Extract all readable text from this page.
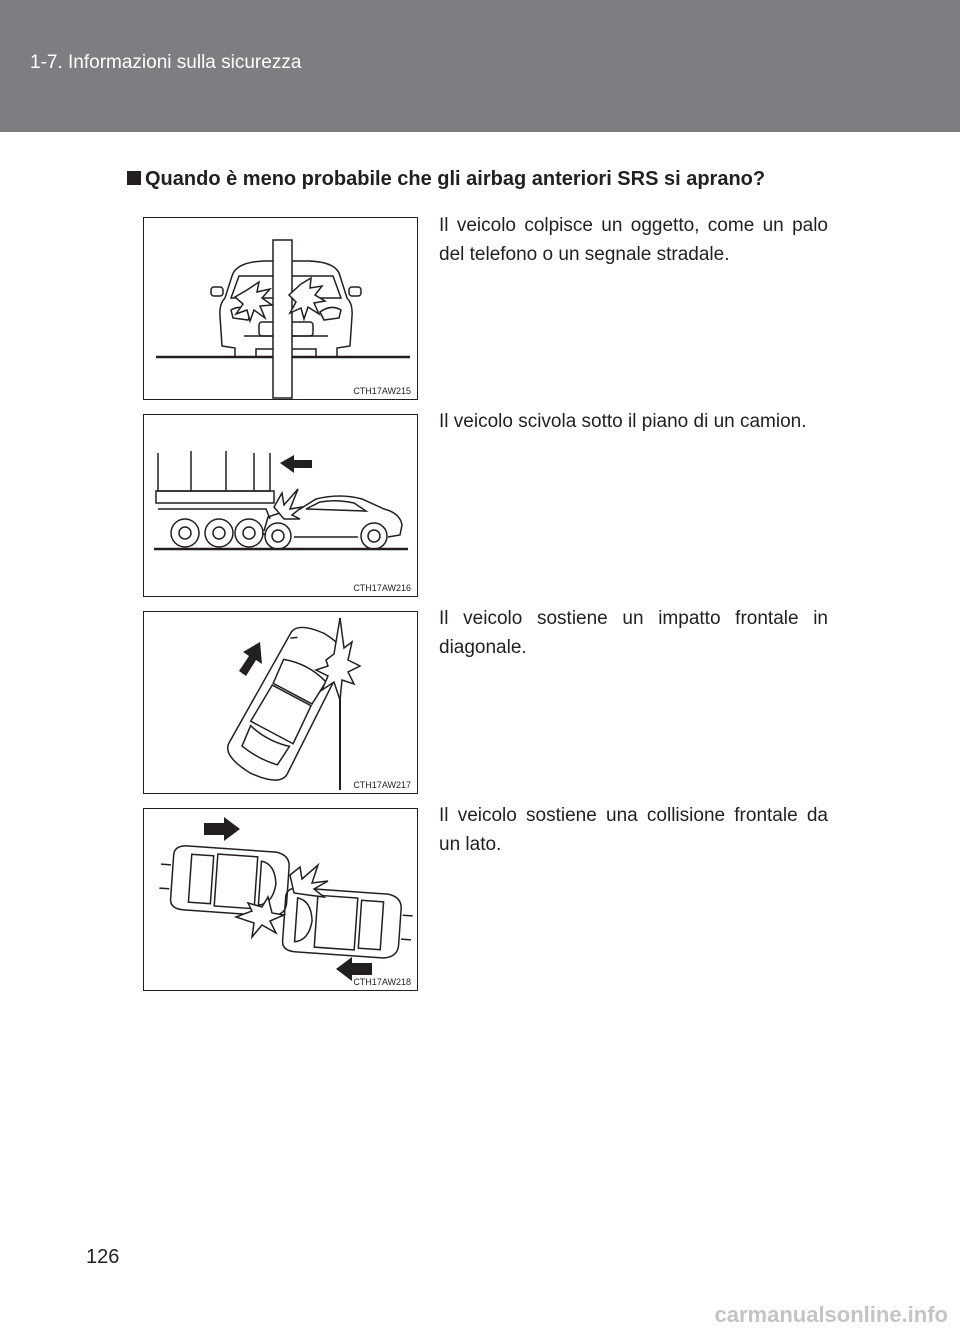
1-7. Informazioni sulla sicurezza
Quando è meno probabile che gli airbag anteriori SRS si aprano?
CTH17AW215
Il veicolo colpisce un oggetto, come un palo del telefono o un segnale stradale.
CTH17AW216
Il veicolo scivola sotto il piano di un camion.
CTH17AW217
Il veicolo sostiene un impatto frontale in diagonale.
CTH17AW218
Il veicolo sostiene una collisione frontale da un lato.
126
carmanualsonline.info
